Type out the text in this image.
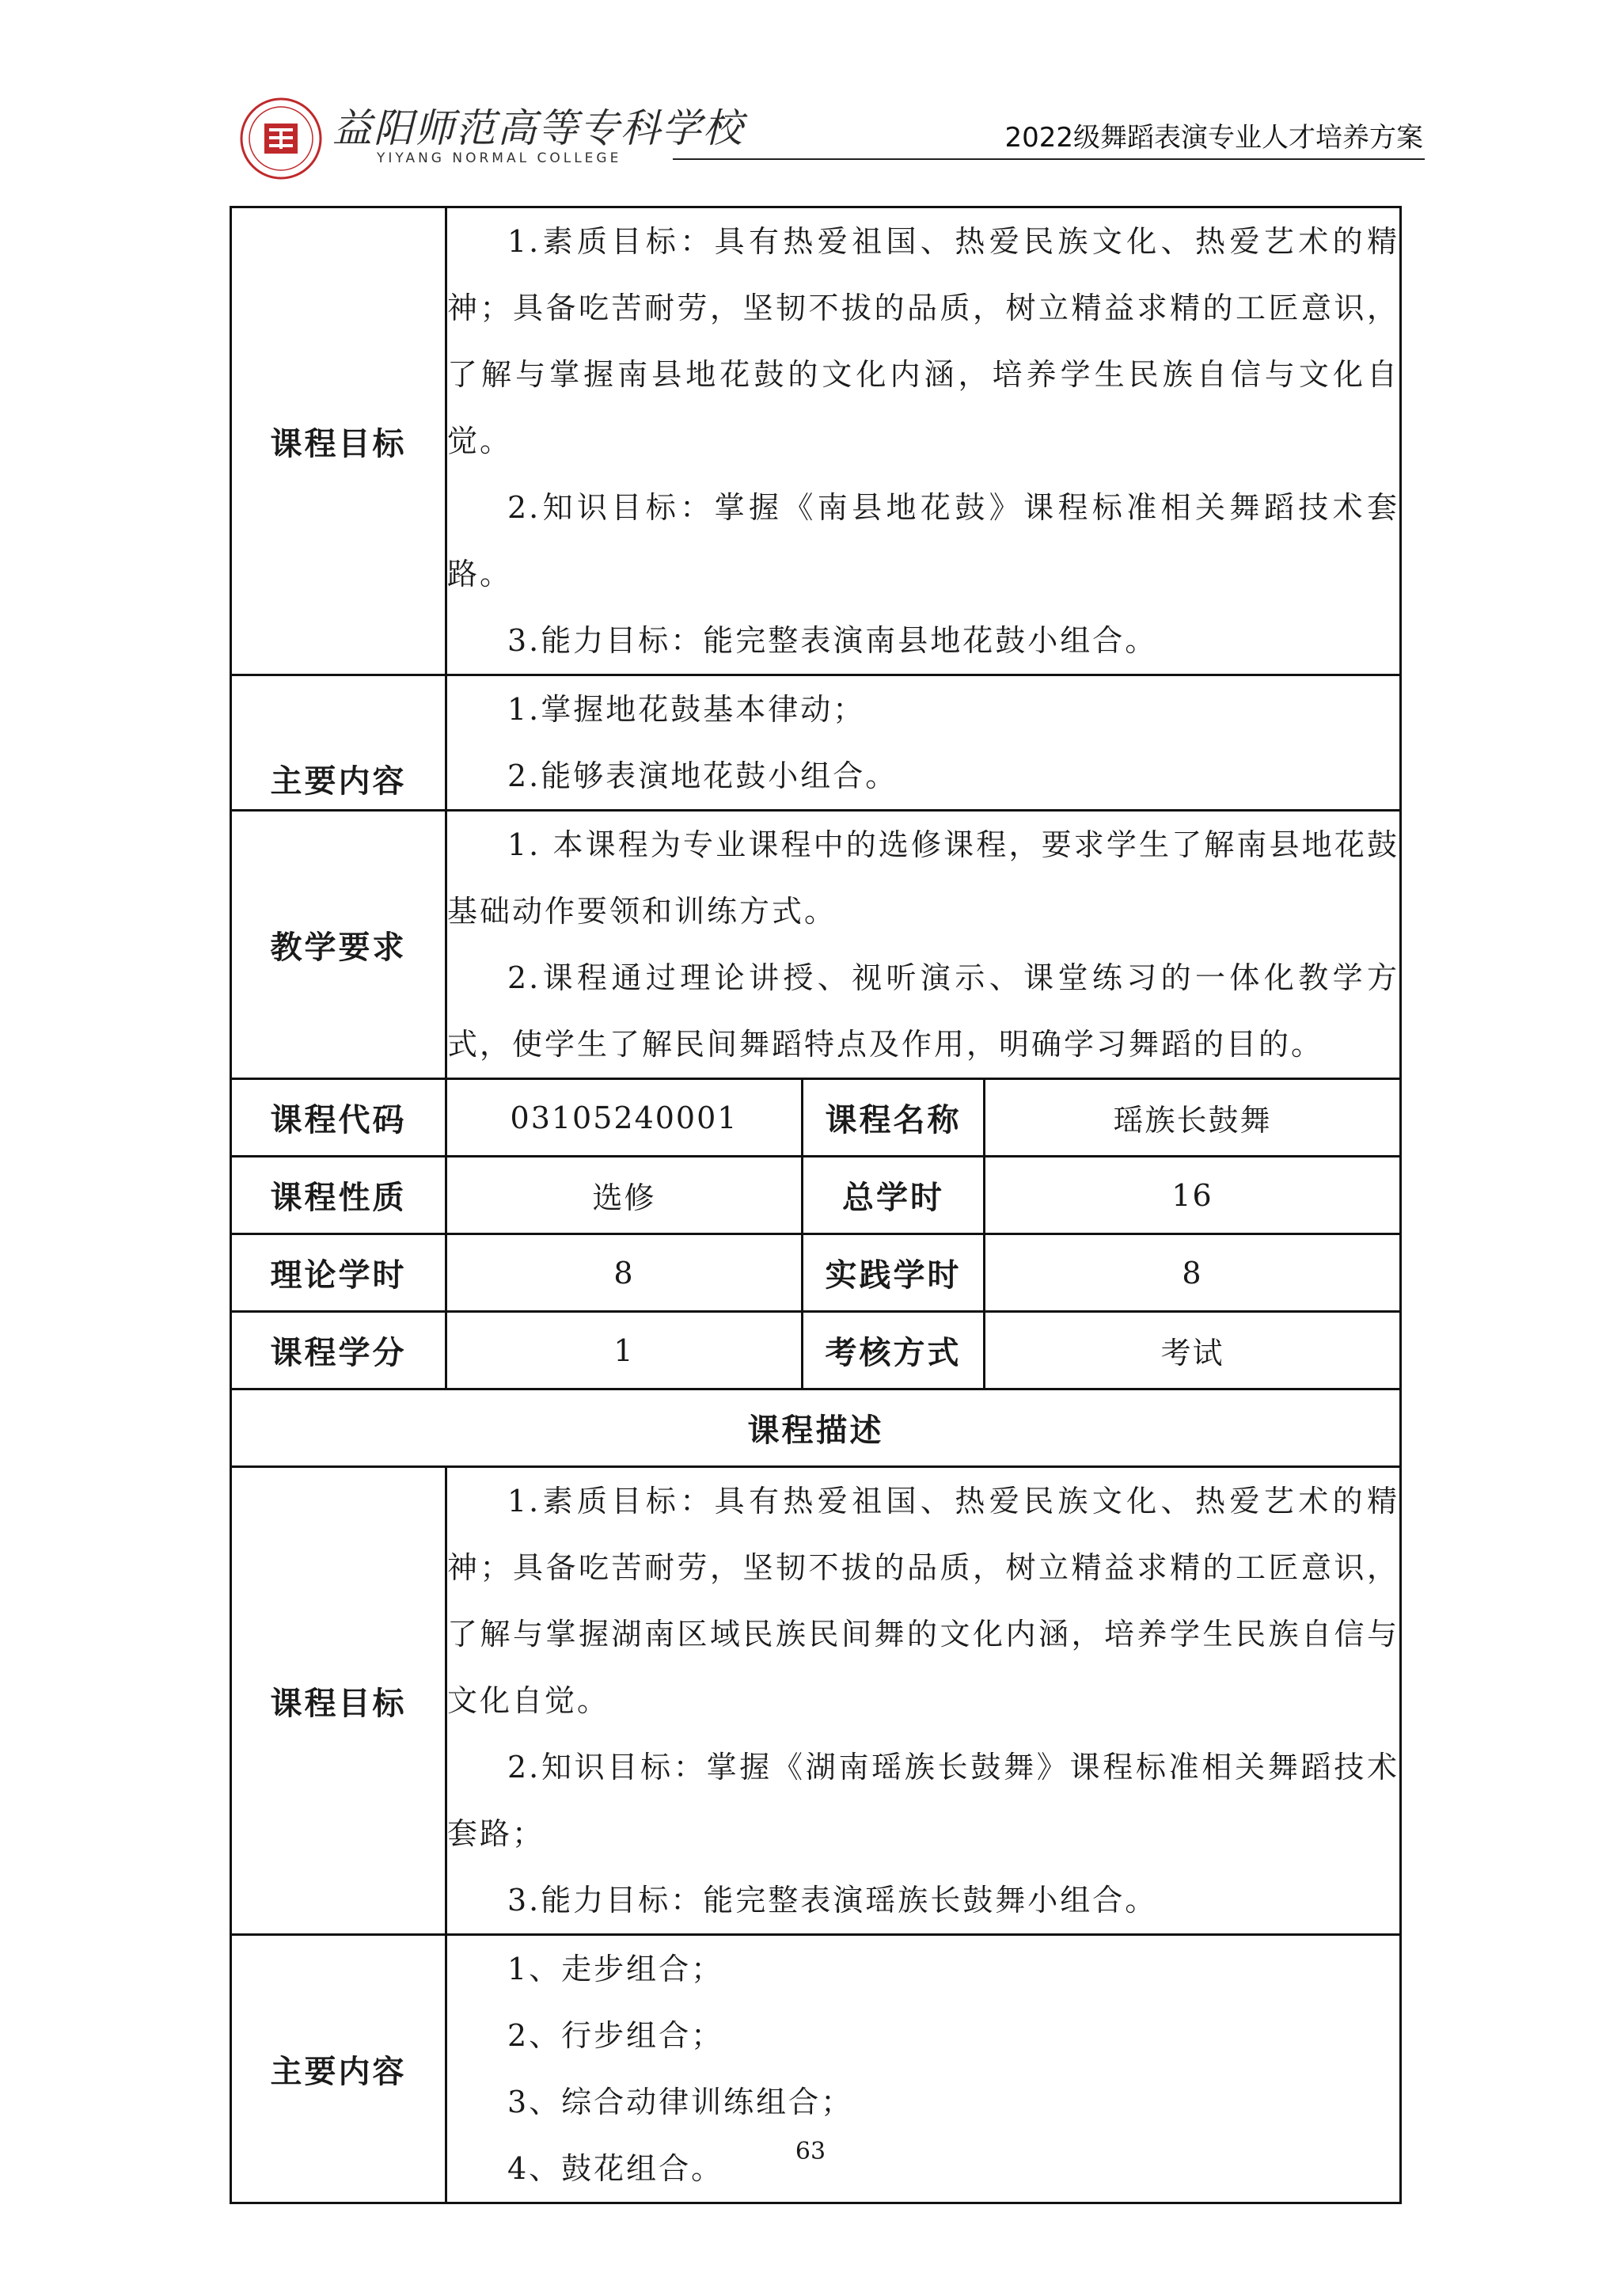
益阳师范高等专科学校
YIYANG NORMAL COLLEGE
2022级舞蹈表演专业人才培养方案
课程目标	1.素质目标：具有热爱祖国、热爱民族文化、热爱艺术的精神；具备吃苦耐劳，坚韧不拔的品质，树立精益求精的工匠意识，了解与掌握南县地花鼓的文化内涵，培养学生民族自信与文化自觉。
2.知识目标：掌握《南县地花鼓》课程标准相关舞蹈技术套路。
3.能力目标：能完整表演南县地花鼓小组合。		

主要内容	1.掌握地花鼓基本律动；
2.能够表演地花鼓小组合。		

教学要求	1. 本课程为专业课程中的选修课程，要求学生了解南县地花鼓基础动作要领和训练方式。
2.课程通过理论讲授、视听演示、课堂练习的一体化教学方式，使学生了解民间舞蹈特点及作用，明确学习舞蹈的目的。		

课程代码	03105240001	课程名称	瑶族长鼓舞
课程性质	选修	总学时	16
理论学时	8	实践学时	8
课程学分	1	考核方式	考试
课程描述			
课程目标	1.素质目标：具有热爱祖国、热爱民族文化、热爱艺术的精神；具备吃苦耐劳，坚韧不拔的品质，树立精益求精的工匠意识，了解与掌握湖南区域民族民间舞的文化内涵，培养学生民族自信与文化自觉。
2.知识目标：掌握《湖南瑶族长鼓舞》课程标准相关舞蹈技术套路；
3.能力目标：能完整表演瑶族长鼓舞小组合。		

主要内容	1、走步组合；
2、行步组合；
3、综合动律训练组合；
4、鼓花组合。			63
